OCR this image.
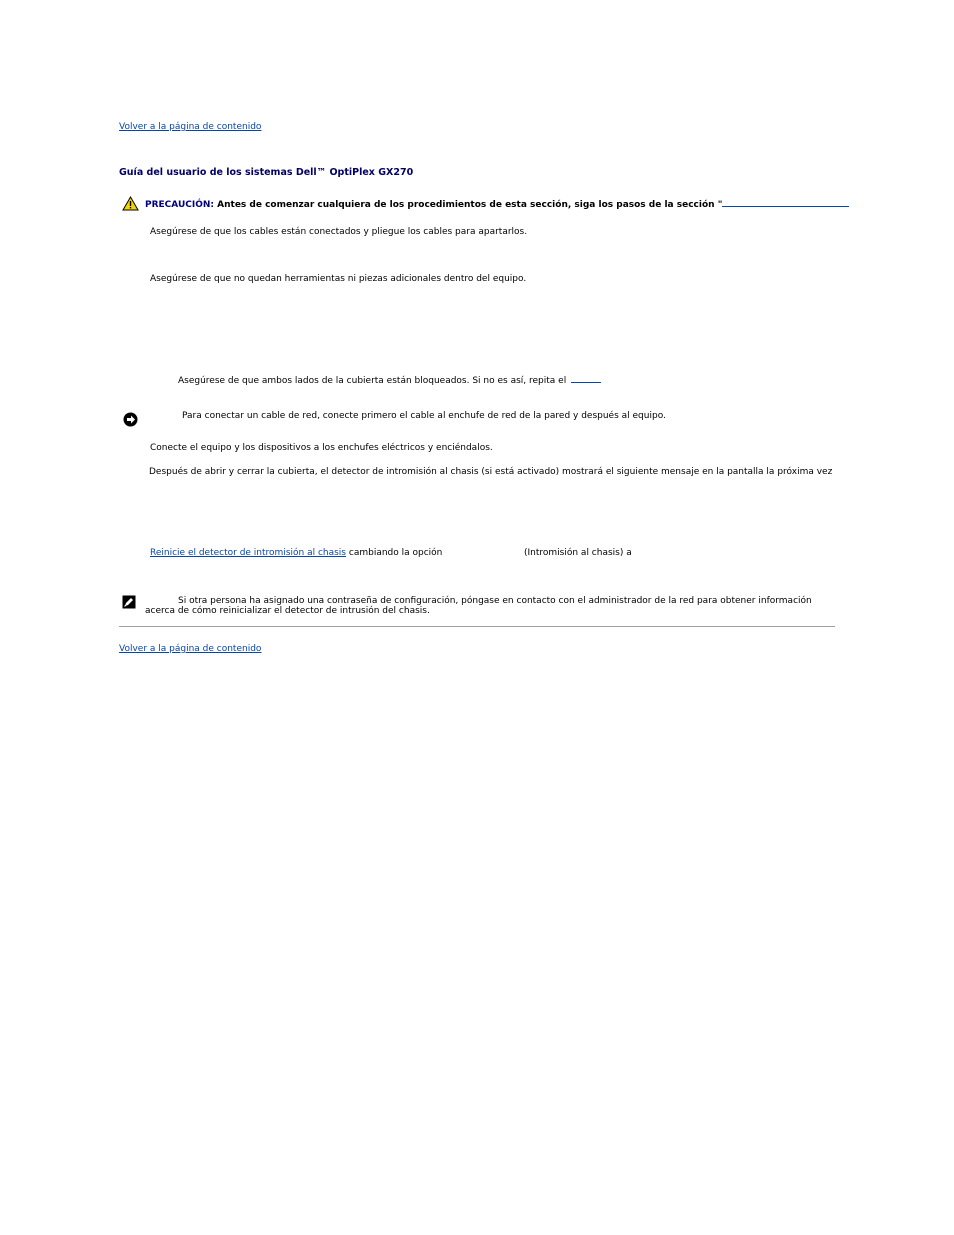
Volver a la página de contenido
Guía del usuario de los sistemas Dell™ OptiPlex GX270
PRECAUCIÓN: Antes de comenzar cualquiera de los procedimientos de esta sección, siga los pasos de la sección "
Asegúrese de que los cables están conectados y pliegue los cables para apartarlos.
Asegúrese de que no quedan herramientas ni piezas adicionales dentro del equipo.
Asegúrese de que ambos lados de la cubierta están bloqueados. Si no es así, repita el
Para conectar un cable de red, conecte primero el cable al enchufe de red de la pared y después al equipo.
Conecte el equipo y los dispositivos a los enchufes eléctricos y enciéndalos.
Después de abrir y cerrar la cubierta, el detector de intromisión al chasis (si está activado) mostrará el siguiente mensaje en la pantalla la próxima vez
Reinicie el detector de intromisión al chasis cambiando la opción	(Intromisión al chasis) a
Si otra persona ha asignado una contraseña de configuración, póngase en contacto con el administrador de la red para obtener información
acerca de cómo reinicializar el detector de intrusión del chasis.
Volver a la página de contenido
